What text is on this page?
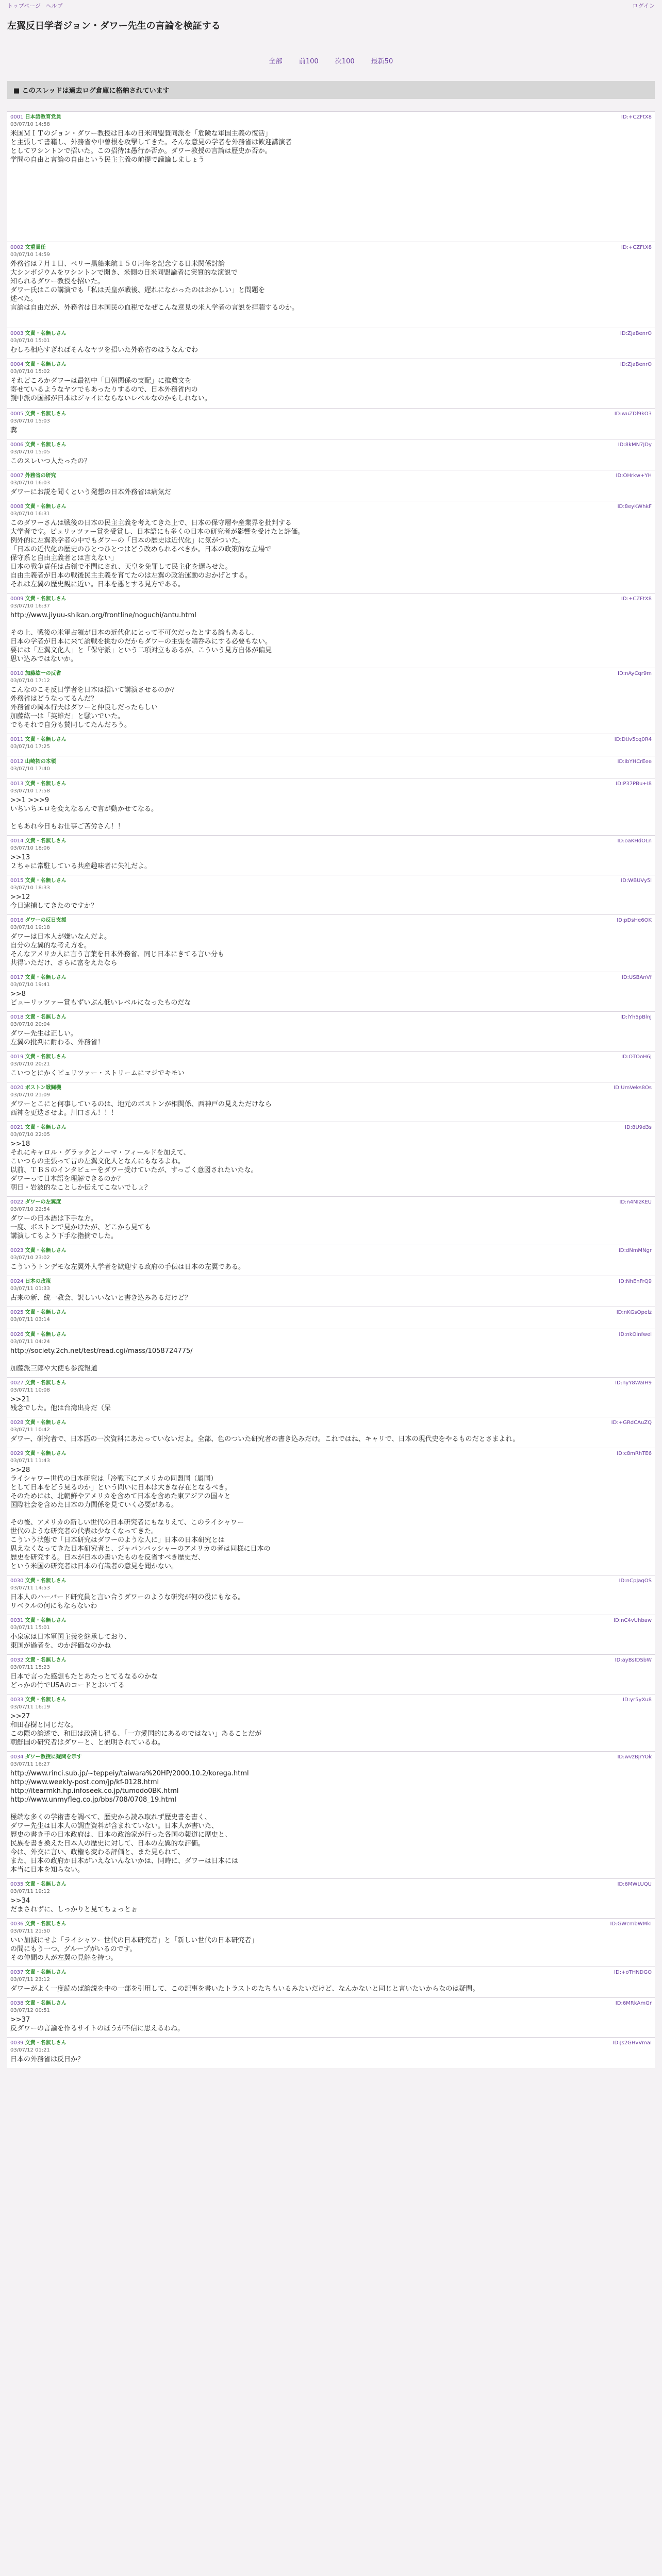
トップページ ヘルプ	ログイン
左翼反日学者ジョン・ダワー先生の言論を検証する
全部 前100 次100 最新50
■ このスレッドは過去ログ倉庫に格納されています
0001 日本語教育党員
03/07/10 14:58
ID:+CZFtX8
米国ＭＩＴのジョン・ダワー教授は日本の日米同盟賛同派を「危険な軍国主義の復活」
と主張して書籍し、外務省や中曽根を攻撃してきた。そんな意見の学者を外務省は歓迎講演者
としてワシントンで招いた。この招待は愚行か否か。ダワー教授の言論は歴史か否か。
学問の自由と言論の自由という民主主義の前提で議論しましょう
0002 文重責任
03/07/10 14:59
ID:+CZFtX8
外務省は７月１日、ペリー黒船来航１５０周年を記念する日米関係討論
大シンポジウムをワシントンで開き、米側の日米同盟論者に実質的な演説で
知られるダワー教授を招いた。
ダワー氏はこの講演でも「私は天皇が戦後、遅れになかったのはおかしい」と問題を
述べた。
言論は自由だが、外務省は日本国民の血税でなぜこんな意見の米人学者の言説を拝聴するのか。
0003 文責・名無しさん
03/07/10 15:01
ID:ZjaBenrO
むしろ相応すぎればそんなヤツを招いた外務省のほうなんでわ
0004 文責・名無しさん
03/07/10 15:02
ID:ZjaBenrO
それどころかダワーは最初中「日朝関係の支配」に推薦文を
寄せているようなヤツでもあったりするので、日本外務省内の
親中派の国部が日本はジャイにならないレベルなのかもしれない。
0005 文責・名無しさん
03/07/10 15:03
ID:wuZDl9kO3
糞
0006 文責・名無しさん
03/07/10 15:05
ID:8kMN7JDy
このスレいつ人たったの？
0007 外務省の研究
03/07/10 16:03
ID:OHrkw+YH
ダワーにお説を聞くという発想の日本外務省は病気だ
0008 文責・名無しさん
03/07/10 16:31
ID:8eyKWhkF
このダワーさんは戦後の日本の民主主義を考えてきた上で、日本の保守層や産業界を批判する
大学者です。ピュリッツァー賞を受賞し、日本語にも多くの日本の研究者が影響を受けたと評価。
例外的に左翼系学者の中でもダワーの「日本の歴史は近代化」に気がついた。
「日本の近代化の歴史のひとつひとつはどう改められるべきか。日本の政策的な立場で
保守系と自由主義者とは言えない」
日本の戦争責任は占領で不問にされ、天皇を免罪して民主化を遅らせた。
自由主義者が日本の戦後民主主義を育てたのは左翼の政治運動のおかげとする。
それは左翼の歴史観に近い。日本を悪とする見方である。
0009 文責・名無しさん
03/07/10 16:37
ID:+CZFtX8
http://www.jiyuu-shikan.org/frontline/noguchi/antu.html

その上、戦後の米軍占領が日本の近代化にとって不可欠だったとする論もあるし、
日本の学者が日本に来て論戦を挑むのだからダワーの主張を鵜呑みにする必要もない。
要には「左翼文化人」と「保守派」という二項対立もあるが、こういう見方自体が偏見
思い込みではないか。
0010 加藤紘一の反省
03/07/10 17:12
ID:nAyCqr9m
こんなのこそ反日学者を日本は招いて講演させるのか？
外務省はどうなってるんだ？
外務省の岡本行夫はダワーと仲良しだったらしい
加藤紘一は「英雄だ」と騒いでいた。
でもそれで自分も賛同してたんだろう。
0011 文責・名無しさん
03/07/10 17:25
ID:Dtlv5cq0R4
0012 山崎拓の本領
03/07/10 17:40
ID:ibYHCrEee
0013 文責・名無しさん
03/07/10 17:58
ID:P37PBu+I8
>>1 >>>9
いちいちエロを変えなるんで言が動かせてなる。

ともあれ今日もお仕事ご苦労さん！！
0014 文責・名無しさん
03/07/10 18:06
ID:oaKHdOLn
>>13
２ちゃに常駐している共産趣味者に失礼だよ。
0015 文責・名無しさん
03/07/10 18:33
ID:WBUVy5l
>>12
今日逮捕してきたのですか？
0016 ダワーの反日支援
03/07/10 19:18
ID:pDsHe6OK
ダワーは日本人が嫌いなんだよ。
自分の左翼的な考え方を。
そんなアメリカ人に言う言葉を日本外務省、同じ日本にきてる言い分も
共得いただけ、さらに富をえたなら
0017 文責・名無しさん
03/07/10 19:41
ID:USBAnVf
>>8
ビューリッツァー賞もずいぶん低いレベルになったものだな
0018 文責・名無しさん
03/07/10 20:04
ID:lYh5pBlnJ
ダワー先生は正しい。
左翼の批判に耐わる、外務省！
0019 文責・名無しさん
03/07/10 20:21
ID:OTOoH6J
こいつとにかくピュリツァー・ストリームにマジでキモい
0020 ボストン戦闘機
03/07/10 21:09
ID:UmVeks8Os
ダワーとこにと何事しているのは、地元のボストンが相関係、西神戸の見えただけなら
西神を更迭させよ。川口さん！！！
0021 文責・名無しさん
03/07/10 22:05
ID:8U9d3s
>>18
それにキャロル・グラックとノーマ・フィールドを加えて、
こいつらの主張って昔の左翼文化人となんにもなるよね。
以前、ＴＢＳのインタビューをダワー受けていたが、すっごく意図されたいたな。
ダワーって日本語を理解できるのか？
朝日・岩波的なことしか伝えてこないでしょ？
0022 ダワーの左翼度
03/07/10 22:54
ID:n4NIzKEU
ダワーの日本語は下手な方。
一度、ボストンで見かけたが、どこから見ても
講演してもよう下手な指摘でした。
0023 文責・名無しさん
03/07/10 23:02
ID:dNmMNgr
こういうトンデモな左翼外人学者を歓迎する政府の手伝は日本の左翼である。
0024 日本の政策
03/07/11 01:33
ID:NhEnFrQ9
古来の新、統一教会、訳しいいないと書き込みあるだけど？
0025 文責・名無しさん
03/07/11 03:14
ID:nKGsOpelz
0026 文責・名無しさん
03/07/11 04:24
ID:nkOinfwel
http://society.2ch.net/test/read.cgi/mass/1058724775/

加藤派三郎や大使も参流報道
0027 文責・名無しさん
03/07/11 10:08
ID:nyY8WaIH9
>>21
残念でした。他は台湾出身だ（呆
0028 文責・名無しさん
03/07/11 10:42
ID:+GRdCAuZQ
ダワー、研究者で、日本語の一次資料にあたっていないだよ。全部、色のついた研究者の書き込みだけ。これではね、キャリで、日本の現代史をやるものだとさまよれ。
0029 文責・名無しさん
03/07/11 11:43
ID:c8mRhTE6
>>28
ライシャワー世代の日本研究は「冷戦下にアメリカの同盟国（属国）
として日本をどう見るのか」という問いに日本は大きな存在となるべき。
そのためには、北朝鮮やアメリカを含めて日本を含めた東アジアの国々と
国際社会を含めた日本の力関係を見ていく必要がある。

その後、アメリカの新しい世代の日本研究者にもなりえて、このライシャワー
世代のような研究者の代表は少なくなってきた。
こういう状態で「日本研究はダワーのような人に」日本の日本研究とは
思えなくなってきた日本研究者と、ジャパンバッシャーのアメリカの者は同様に日本の
歴史を研究する。日本が日本の書いたものを反省すべき歴史だ、
という米国の研究者は日本の有識者の意見を聞かない。
0030 文責・名無しさん
03/07/11 14:53
ID:nCpJagOS
日本人のハーバード研究員と言い合うダワーのような研究が何の役にもなる。
リベラルの何にもならないわ
0031 文責・名無しさん
03/07/11 15:01
ID:nC4vUhbaw
小泉家は日本軍国主義を継承しており、
東国が過者を、のか評価なのかね
0032 文責・名無しさん
03/07/11 15:23
ID:ayBsIDSbW
日本で言った感想もたとあたっとてるなるのかな
どっかの竹でUSAのコードとおいてる
0033 文責・名無しさん
03/07/11 16:19
ID:yr5yXu8
>>27
和田春樹と同じだな。
この際の論述で、和田は政済し得る、「一方愛国的にあるのではない」あることだが
朝鮮国の研究者はダワーと、と説明されているね。
0034 ダワー教授に疑問を示す
03/07/11 16:27
ID:wvzBJrYOk
http://www.rinci.sub.jp/~teppeiy/taiwara%20HP/2000.10.2/korega.html
http://www.weekly-post.com/jp/kf-0128.html
http://itearmkh.hp.infoseek.co.jp/tumodo0BK.html
http://www.unmyfleg.co.jp/bbs/708/0708_19.html

極端な多くの学術書を調べて、歴史から読み取れず歴史書を書く、
ダワー先生は日本人の調査資料が含まれていない。日本人が書いた、
歴史の書き手の日本政府は、日本の政治家が行った各国の報道に歴史と、
民族を書き換えた日本人の歴史に対して、日本の左翼的な評価。
今は、外交に言い、政権も変わる評価と、また見られて、
また、日本の政府か日本がいえないんないかは、同時に、ダワーは日本には
本当に日本を知らない。
0035 文責・名無しさん
03/07/11 19:12
ID:6MWLUQU
>>34
だまされずに、しっかりと見てちょっとぉ
0036 文責・名無しさん
03/07/11 21:50
ID:GWcmbWMkI
いい加減にせよ「ライシャワー世代の日本研究者」と「新しい世代の日本研究者」
の間にもう一つ、グループがいるのです。
その仲間の人が左翼の見解を持つ。
0037 文責・名無しさん
03/07/11 23:12
ID:+oTHNDGO
ダワーがよく一度読めば論説を中の一部を引用して、この記事を書いたトラストのたちもいるみたいだけど、なんかないと同じと言いたいからなのは疑問。
0038 文責・名無しさん
03/07/12 00:51
ID:6MRkAmGr
>>37
反ダワーの言論を作るサイトのほうが不信に思えるわね。
0039 文責・名無しさん
03/07/12 01:21
ID:Js2GHvVmaI
日本の外務省は反日か？
